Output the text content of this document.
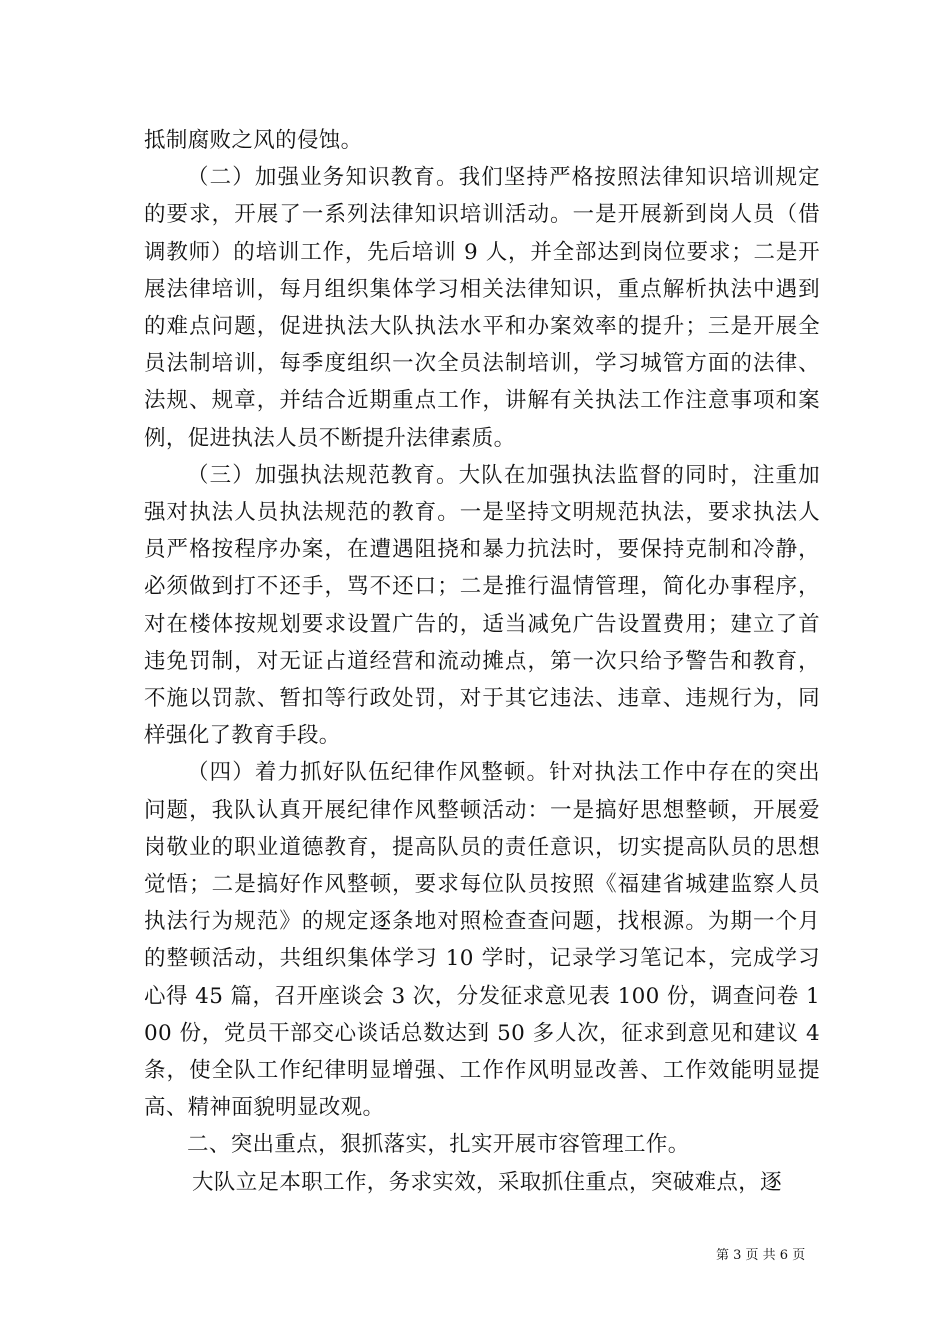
抵制腐败之风的侵蚀。

（二）加强业务知识教育。我们坚持严格按照法律知识培训规定的要求，开展了一系列法律知识培训活动。一是开展新到岗人员（借调教师）的培训工作，先后培训 9 人，并全部达到岗位要求；二是开展法律培训，每月组织集体学习相关法律知识，重点解析执法中遇到的难点问题，促进执法大队执法水平和办案效率的提升；三是开展全员法制培训，每季度组织一次全员法制培训，学习城管方面的法律、法规、规章，并结合近期重点工作，讲解有关执法工作注意事项和案例，促进执法人员不断提升法律素质。

（三）加强执法规范教育。大队在加强执法监督的同时，注重加强对执法人员执法规范的教育。一是坚持文明规范执法，要求执法人员严格按程序办案，在遭遇阻挠和暴力抗法时，要保持克制和冷静，必须做到打不还手，骂不还口；二是推行温情管理，简化办事程序，对在楼体按规划要求设置广告的，适当减免广告设置费用；建立了首违免罚制，对无证占道经营和流动摊点，第一次只给予警告和教育，不施以罚款、暂扣等行政处罚，对于其它违法、违章、违规行为，同样强化了教育手段。

（四）着力抓好队伍纪律作风整顿。针对执法工作中存在的突出问题，我队认真开展纪律作风整顿活动：一是搞好思想整顿，开展爱岗敬业的职业道德教育，提高队员的责任意识，切实提高队员的思想觉悟；二是搞好作风整顿，要求每位队员按照《福建省城建监察人员执法行为规范》的规定逐条地对照检查查问题，找根源。为期一个月的整顿活动，共组织集体学习 10 学时，记录学习笔记本，完成学习心得 45 篇，召开座谈会 3 次，分发征求意见表 100 份，调查问卷 100 份，党员干部交心谈话总数达到 50 多人次，征求到意见和建议 4 条，使全队工作纪律明显增强、工作作风明显改善、工作效能明显提高、精神面貌明显改观。

二、突出重点，狠抓落实，扎实开展市容管理工作。

大队立足本职工作，务求实效，采取抓住重点，突破难点，逐

第 3 页 共 6 页
